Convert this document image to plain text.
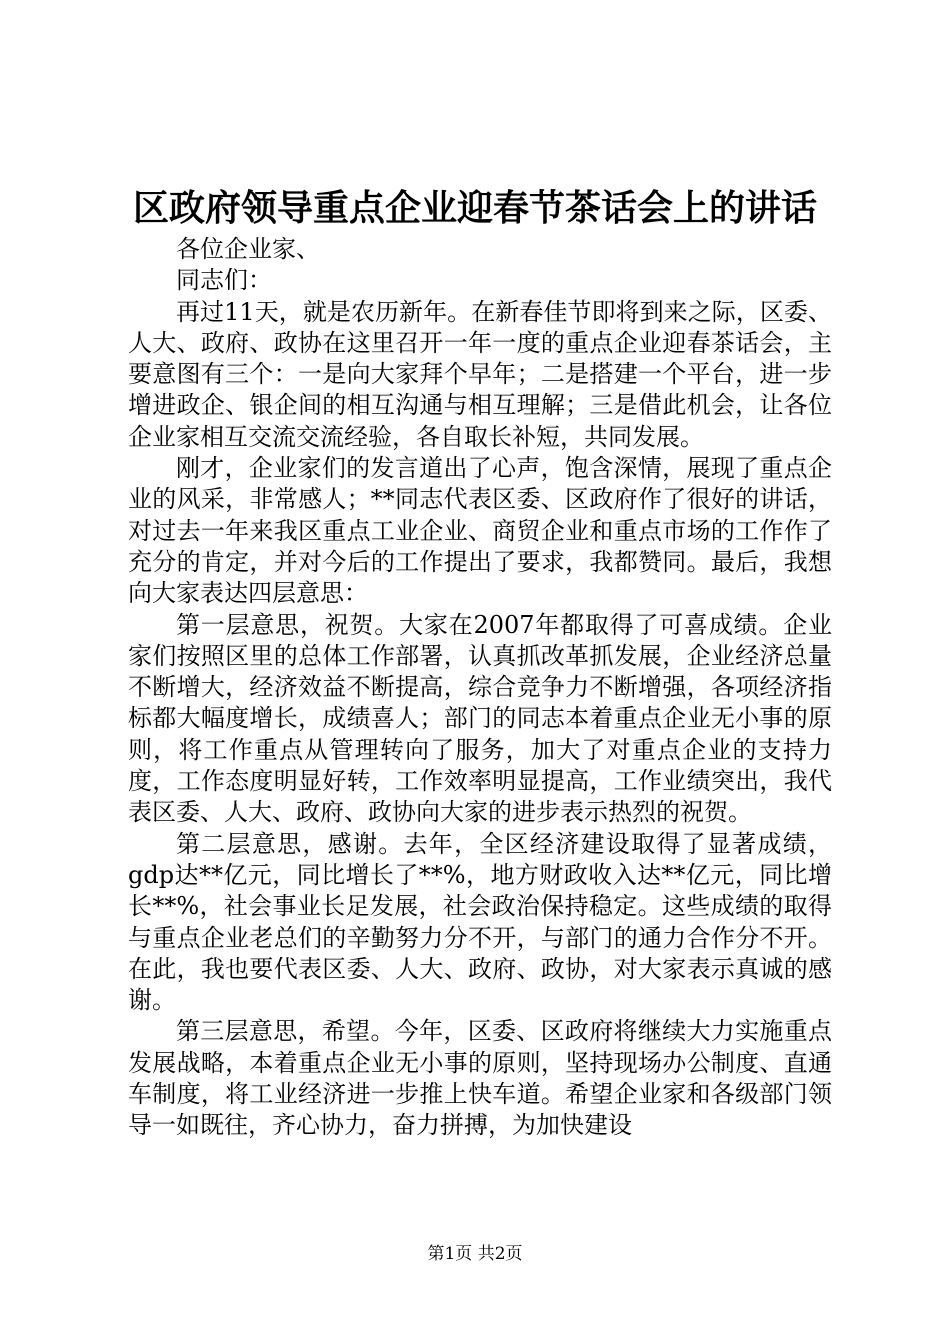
区政府领导重点企业迎春节茶话会上的讲话

各位企业家、

同志们：

再过11天，就是农历新年。在新春佳节即将到来之际，区委、人大、政府、政协在这里召开一年一度的重点企业迎春茶话会，主要意图有三个：一是向大家拜个早年；二是搭建一个平台，进一步增进政企、银企间的相互沟通与相互理解；三是借此机会，让各位企业家相互交流交流经验，各自取长补短，共同发展。

刚才，企业家们的发言道出了心声，饱含深情，展现了重点企业的风采，非常感人；**同志代表区委、区政府作了很好的讲话，对过去一年来我区重点工业企业、商贸企业和重点市场的工作作了充分的肯定，并对今后的工作提出了要求，我都赞同。最后，我想向大家表达四层意思：

第一层意思，祝贺。大家在2007年都取得了可喜成绩。企业家们按照区里的总体工作部署，认真抓改革抓发展，企业经济总量不断增大，经济效益不断提高，综合竞争力不断增强，各项经济指标都大幅度增长，成绩喜人；部门的同志本着重点企业无小事的原则，将工作重点从管理转向了服务，加大了对重点企业的支持力度，工作态度明显好转，工作效率明显提高，工作业绩突出，我代表区委、人大、政府、政协向大家的进步表示热烈的祝贺。

第二层意思，感谢。去年，全区经济建设取得了显著成绩，gdp达**亿元，同比增长了**%，地方财政收入达**亿元，同比增长**%，社会事业长足发展，社会政治保持稳定。这些成绩的取得与重点企业老总们的辛勤努力分不开，与部门的通力合作分不开。在此，我也要代表区委、人大、政府、政协，对大家表示真诚的感谢。

第三层意思，希望。今年，区委、区政府将继续大力实施重点发展战略，本着重点企业无小事的原则，坚持现场办公制度、直通车制度，将工业经济进一步推上快车道。希望企业家和各级部门领导一如既往，齐心协力，奋力拼搏，为加快建设

第1页 共2页
